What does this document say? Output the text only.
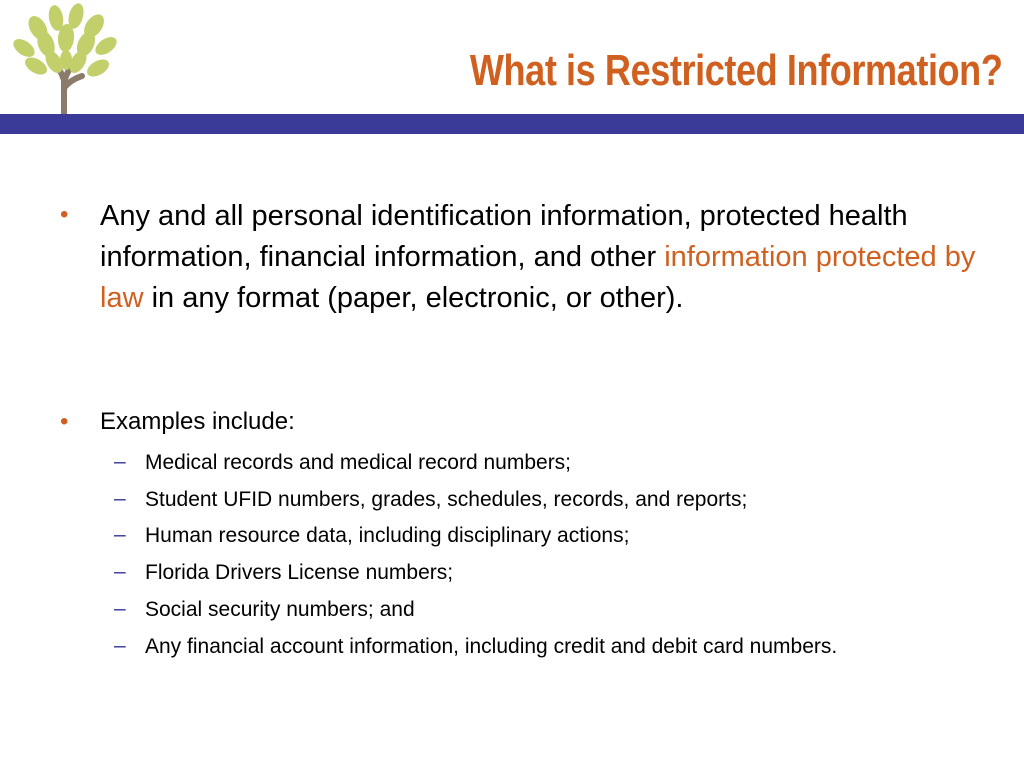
What is Restricted Information?
• Any and all personal identification information, protected health information, financial information, and other information protected by law in any format (paper, electronic, or other).
• Examples include:
– Medical records and medical record numbers;
– Student UFID numbers, grades, schedules, records, and reports;
– Human resource data, including disciplinary actions;
– Florida Drivers License numbers;
– Social security numbers; and
– Any financial account information, including credit and debit card numbers.
